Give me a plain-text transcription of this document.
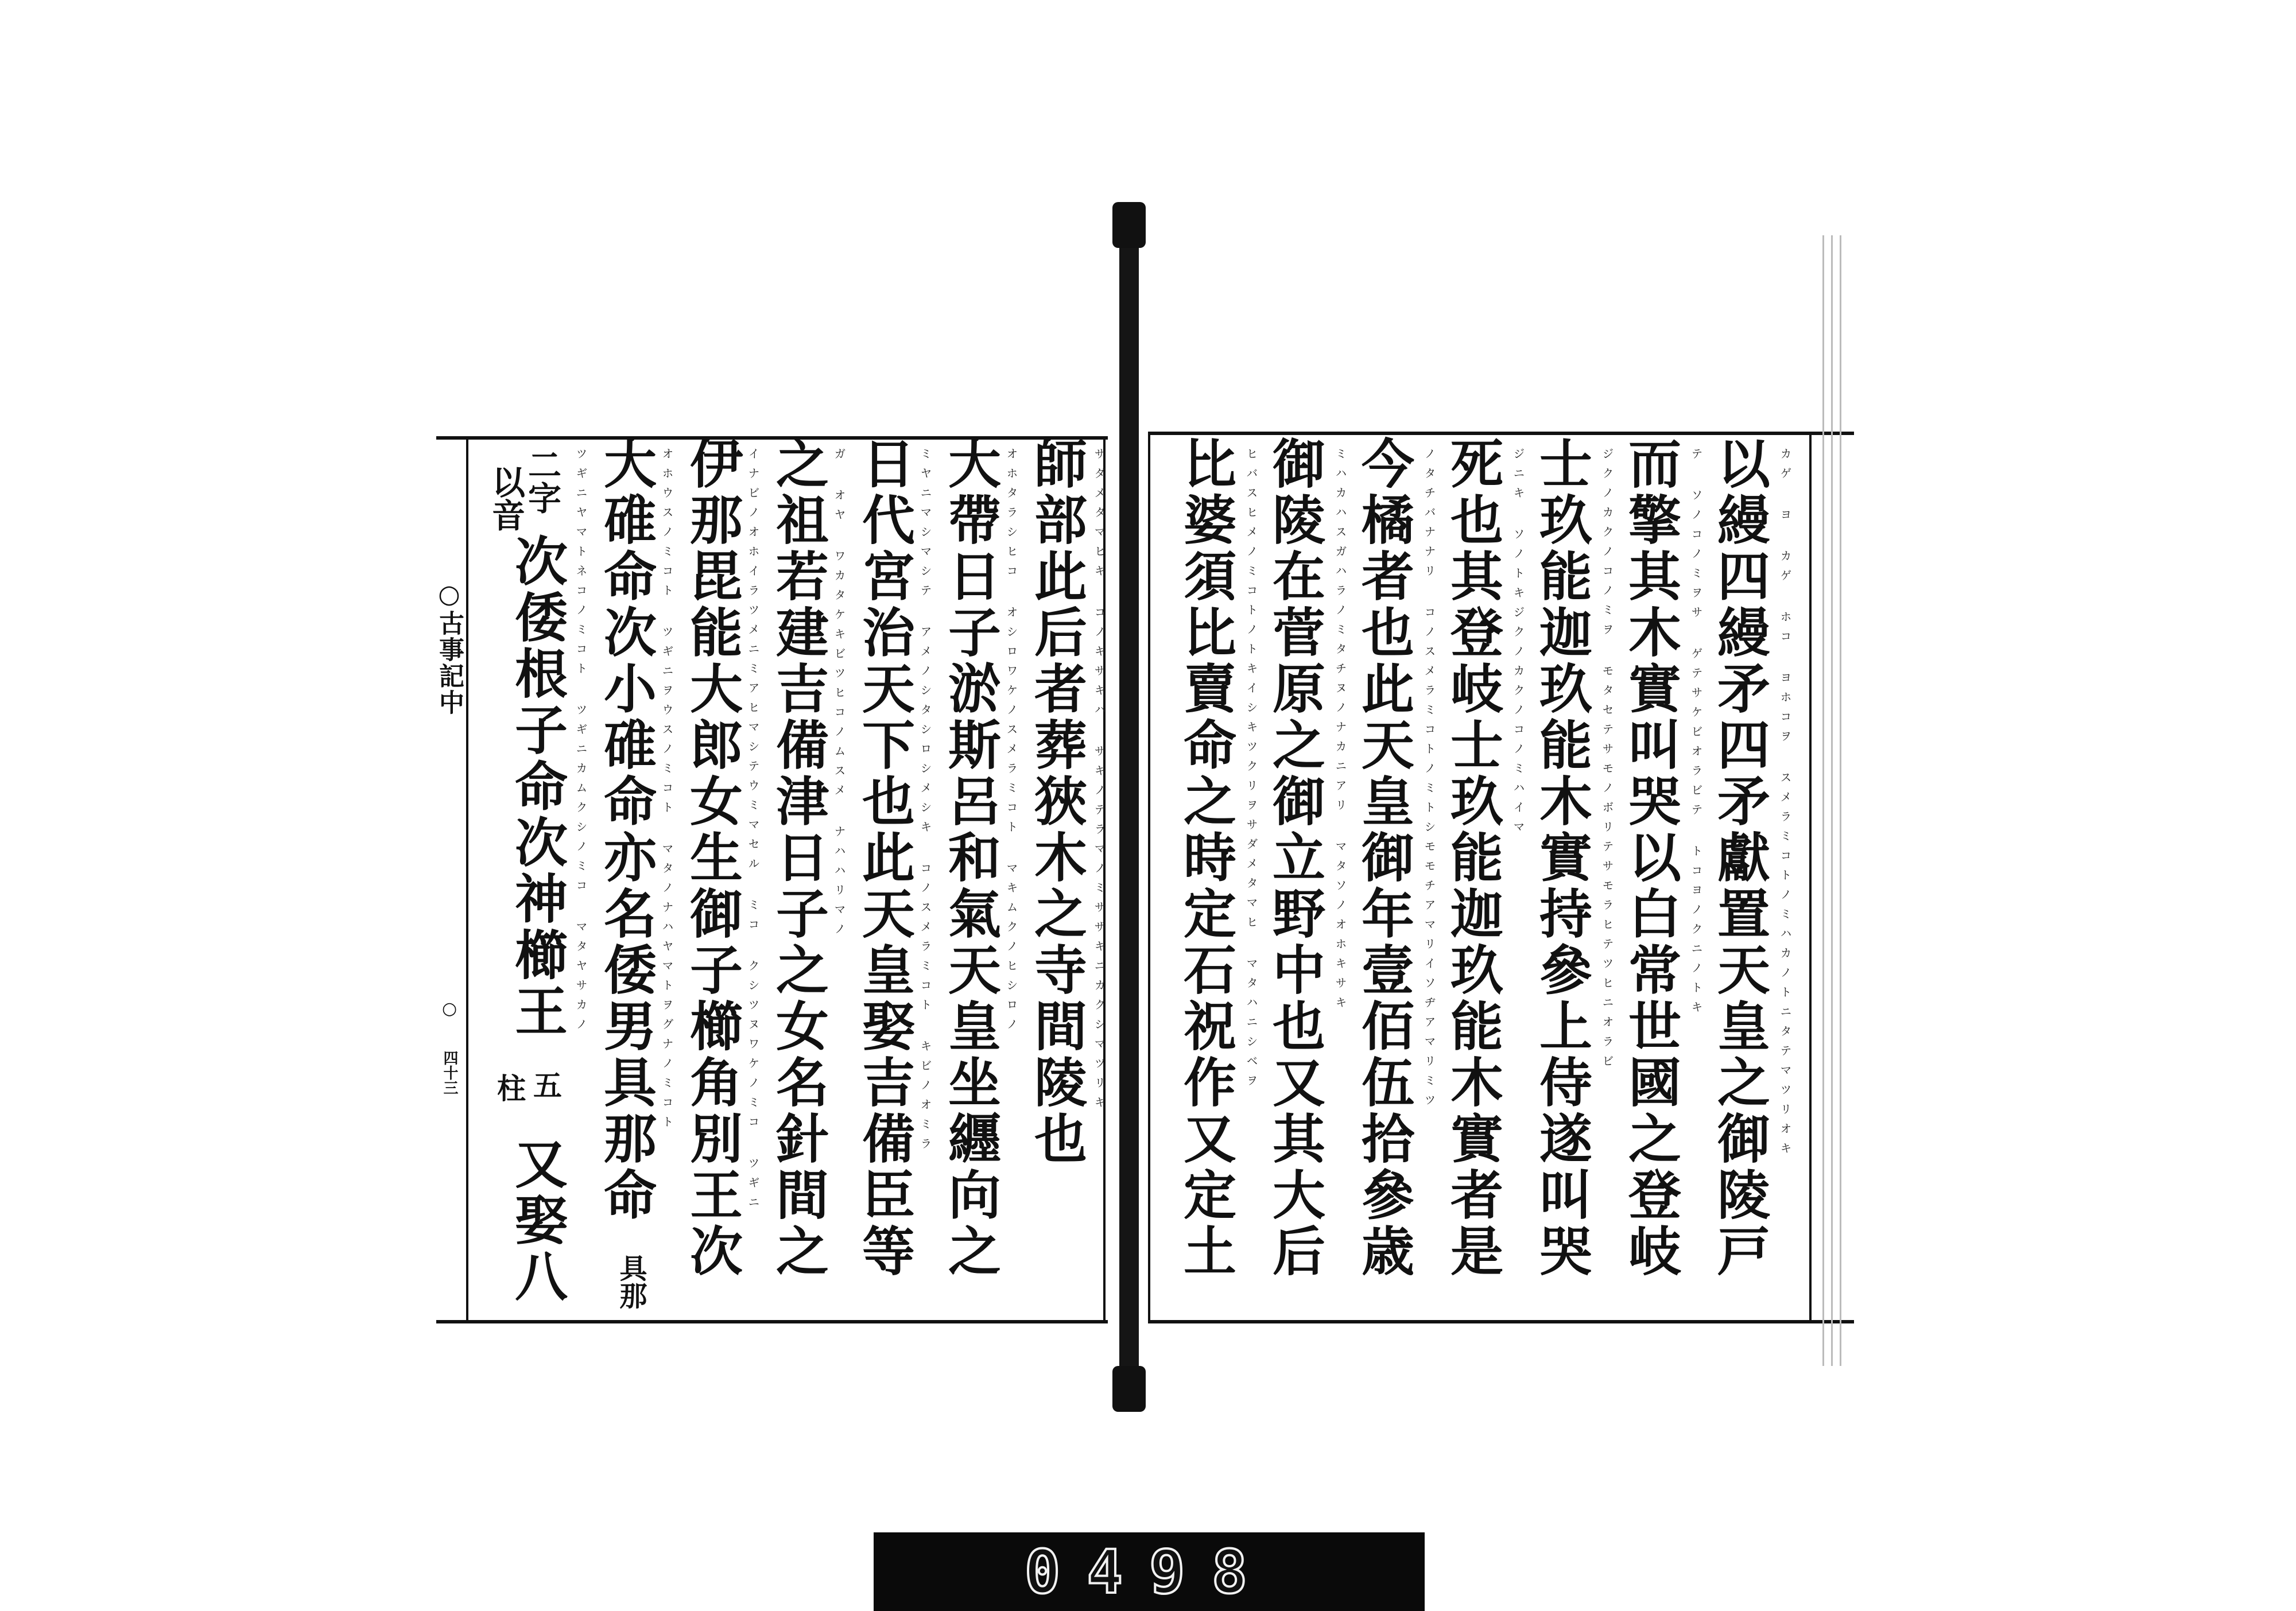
以縵四縵矛四矛獻置天皇之御陵戸
而擎其木實叫哭以白常世國之登岐
士玖能迦玖能木實持參上侍遂叫哭
死也其登岐士玖能迦玖能木實者是
今橘者也此天皇御年壹佰伍拾參歳
御陵在菅原之御立野中也又其大后
比婆須比賣命之時定石祝作又定土	カゲ ヨ カゲ ホコ ヨホコヲ スメラミコトノミハカノトニタテマツリオキ
テ ソノコノミヲサ ゲテサケビオラビテ トコヨノクニノトキ
ジクノカクノコノミヲ モタセテサモノボリテサモラヒテツヒニオラビ
ジニキ ソノトキジクノカクノコノミハイマ
ノタチバナナリ コノスメラミコトノミトシモモチアマリイソヂアマリミツ
ミハカハスガハラノミタチヌノナカニアリ マタソノオホキサキ
ヒバスヒメノミコトノトキイシキツクリヲサダメタマヒ マタハニシベヲ
師部此后者葬狹木之寺間陵也
大帶日子淤斯呂和氣天皇坐纒向之
日代宮治天下也此天皇娶吉備臣等
之祖若建吉備津日子之女名針間之
伊那毘能大郎女生御子櫛角別王次
大碓命次小碓命亦名倭男具那命
具那
二字
以音
次倭根子命次神櫛王
五
柱
又娶八
サダメタマヒキ コノキサキハ サキノテラマノミサザキニカクシマツリキ
オホタラシヒコ オシロワケノスメラミコト マキムクノヒシロノ
ミヤニマシマシテ アメノシタシロシメシキ コノスメラミコト キビノオミラ
ガ オヤ ワカタケキビツヒコノムスメ ナハハリマノ
イナビノオホイラツメニミアヒマシテウミマセル ミコ クシツヌワケノミコ ツギニ
オホウスノミコト ツギニヲウスノミコト マタノナハヤマトヲグナノミコト
ツギニヤマトネコノミコト ツギニカムクシノミコ マタヤサカノ
○古事記中
○
四十三
0498
